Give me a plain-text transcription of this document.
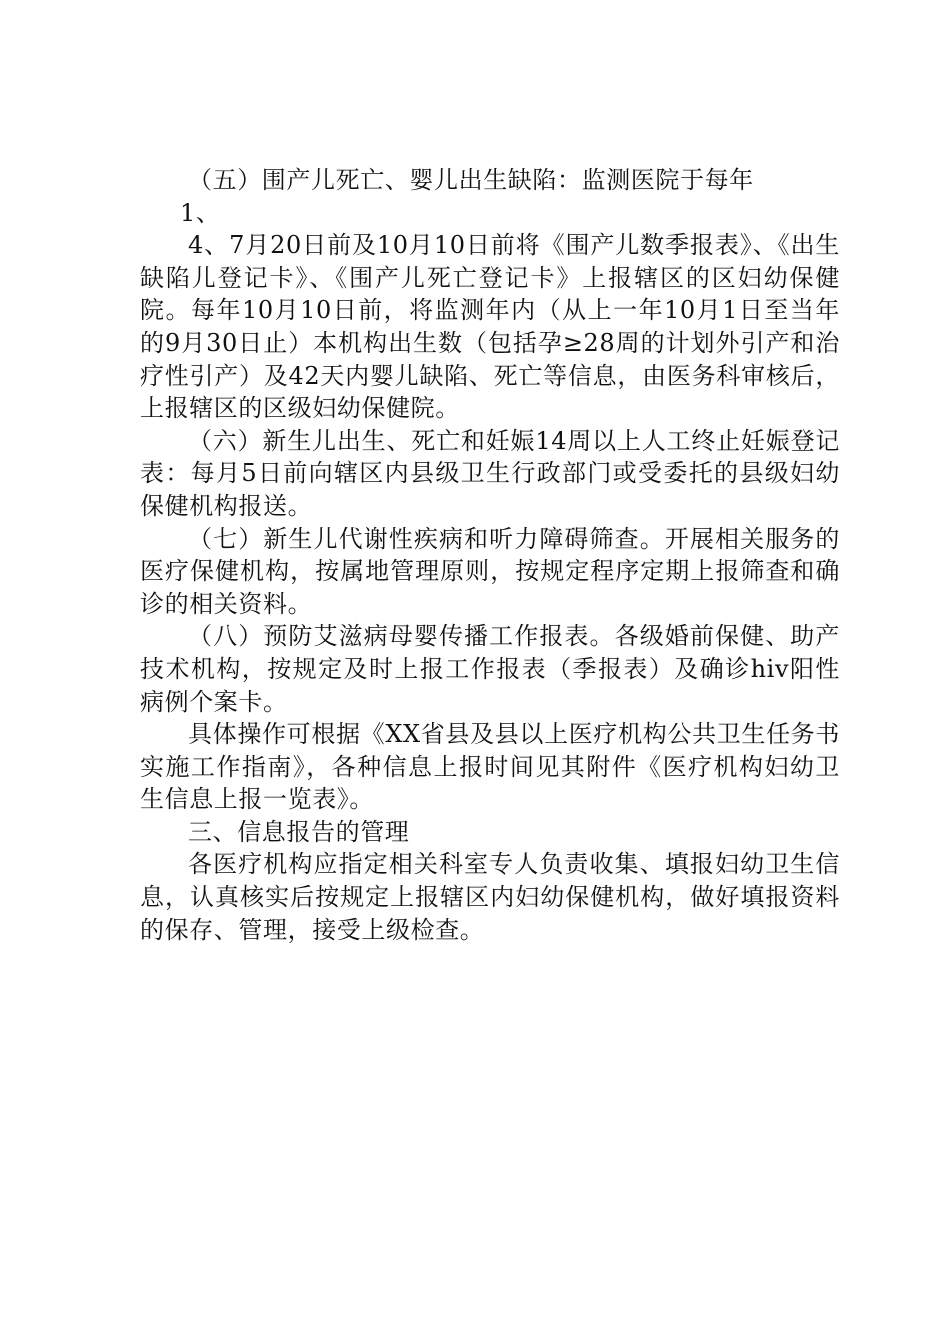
（五）围产儿死亡、婴儿出生缺陷：监测医院于每年

1、

4、7月20日前及10月10日前将《围产儿数季报表》、《出生缺陷儿登记卡》、《围产儿死亡登记卡》上报辖区的区妇幼保健院。每年10月10日前，将监测年内（从上一年10月1日至当年的9月30日止）本机构出生数（包括孕≥28周的计划外引产和治疗性引产）及42天内婴儿缺陷、死亡等信息，由医务科审核后，上报辖区的区级妇幼保健院。

（六）新生儿出生、死亡和妊娠14周以上人工终止妊娠登记表：每月5日前向辖区内县级卫生行政部门或受委托的县级妇幼保健机构报送。

（七）新生儿代谢性疾病和听力障碍筛查。开展相关服务的医疗保健机构，按属地管理原则，按规定程序定期上报筛查和确诊的相关资料。

（八）预防艾滋病母婴传播工作报表。各级婚前保健、助产技术机构，按规定及时上报工作报表（季报表）及确诊hiv阳性病例个案卡。

具体操作可根据《XX省县及县以上医疗机构公共卫生任务书实施工作指南》，各种信息上报时间见其附件《医疗机构妇幼卫生信息上报一览表》。

三、信息报告的管理

各医疗机构应指定相关科室专人负责收集、填报妇幼卫生信息，认真核实后按规定上报辖区内妇幼保健机构，做好填报资料的保存、管理，接受上级检查。
